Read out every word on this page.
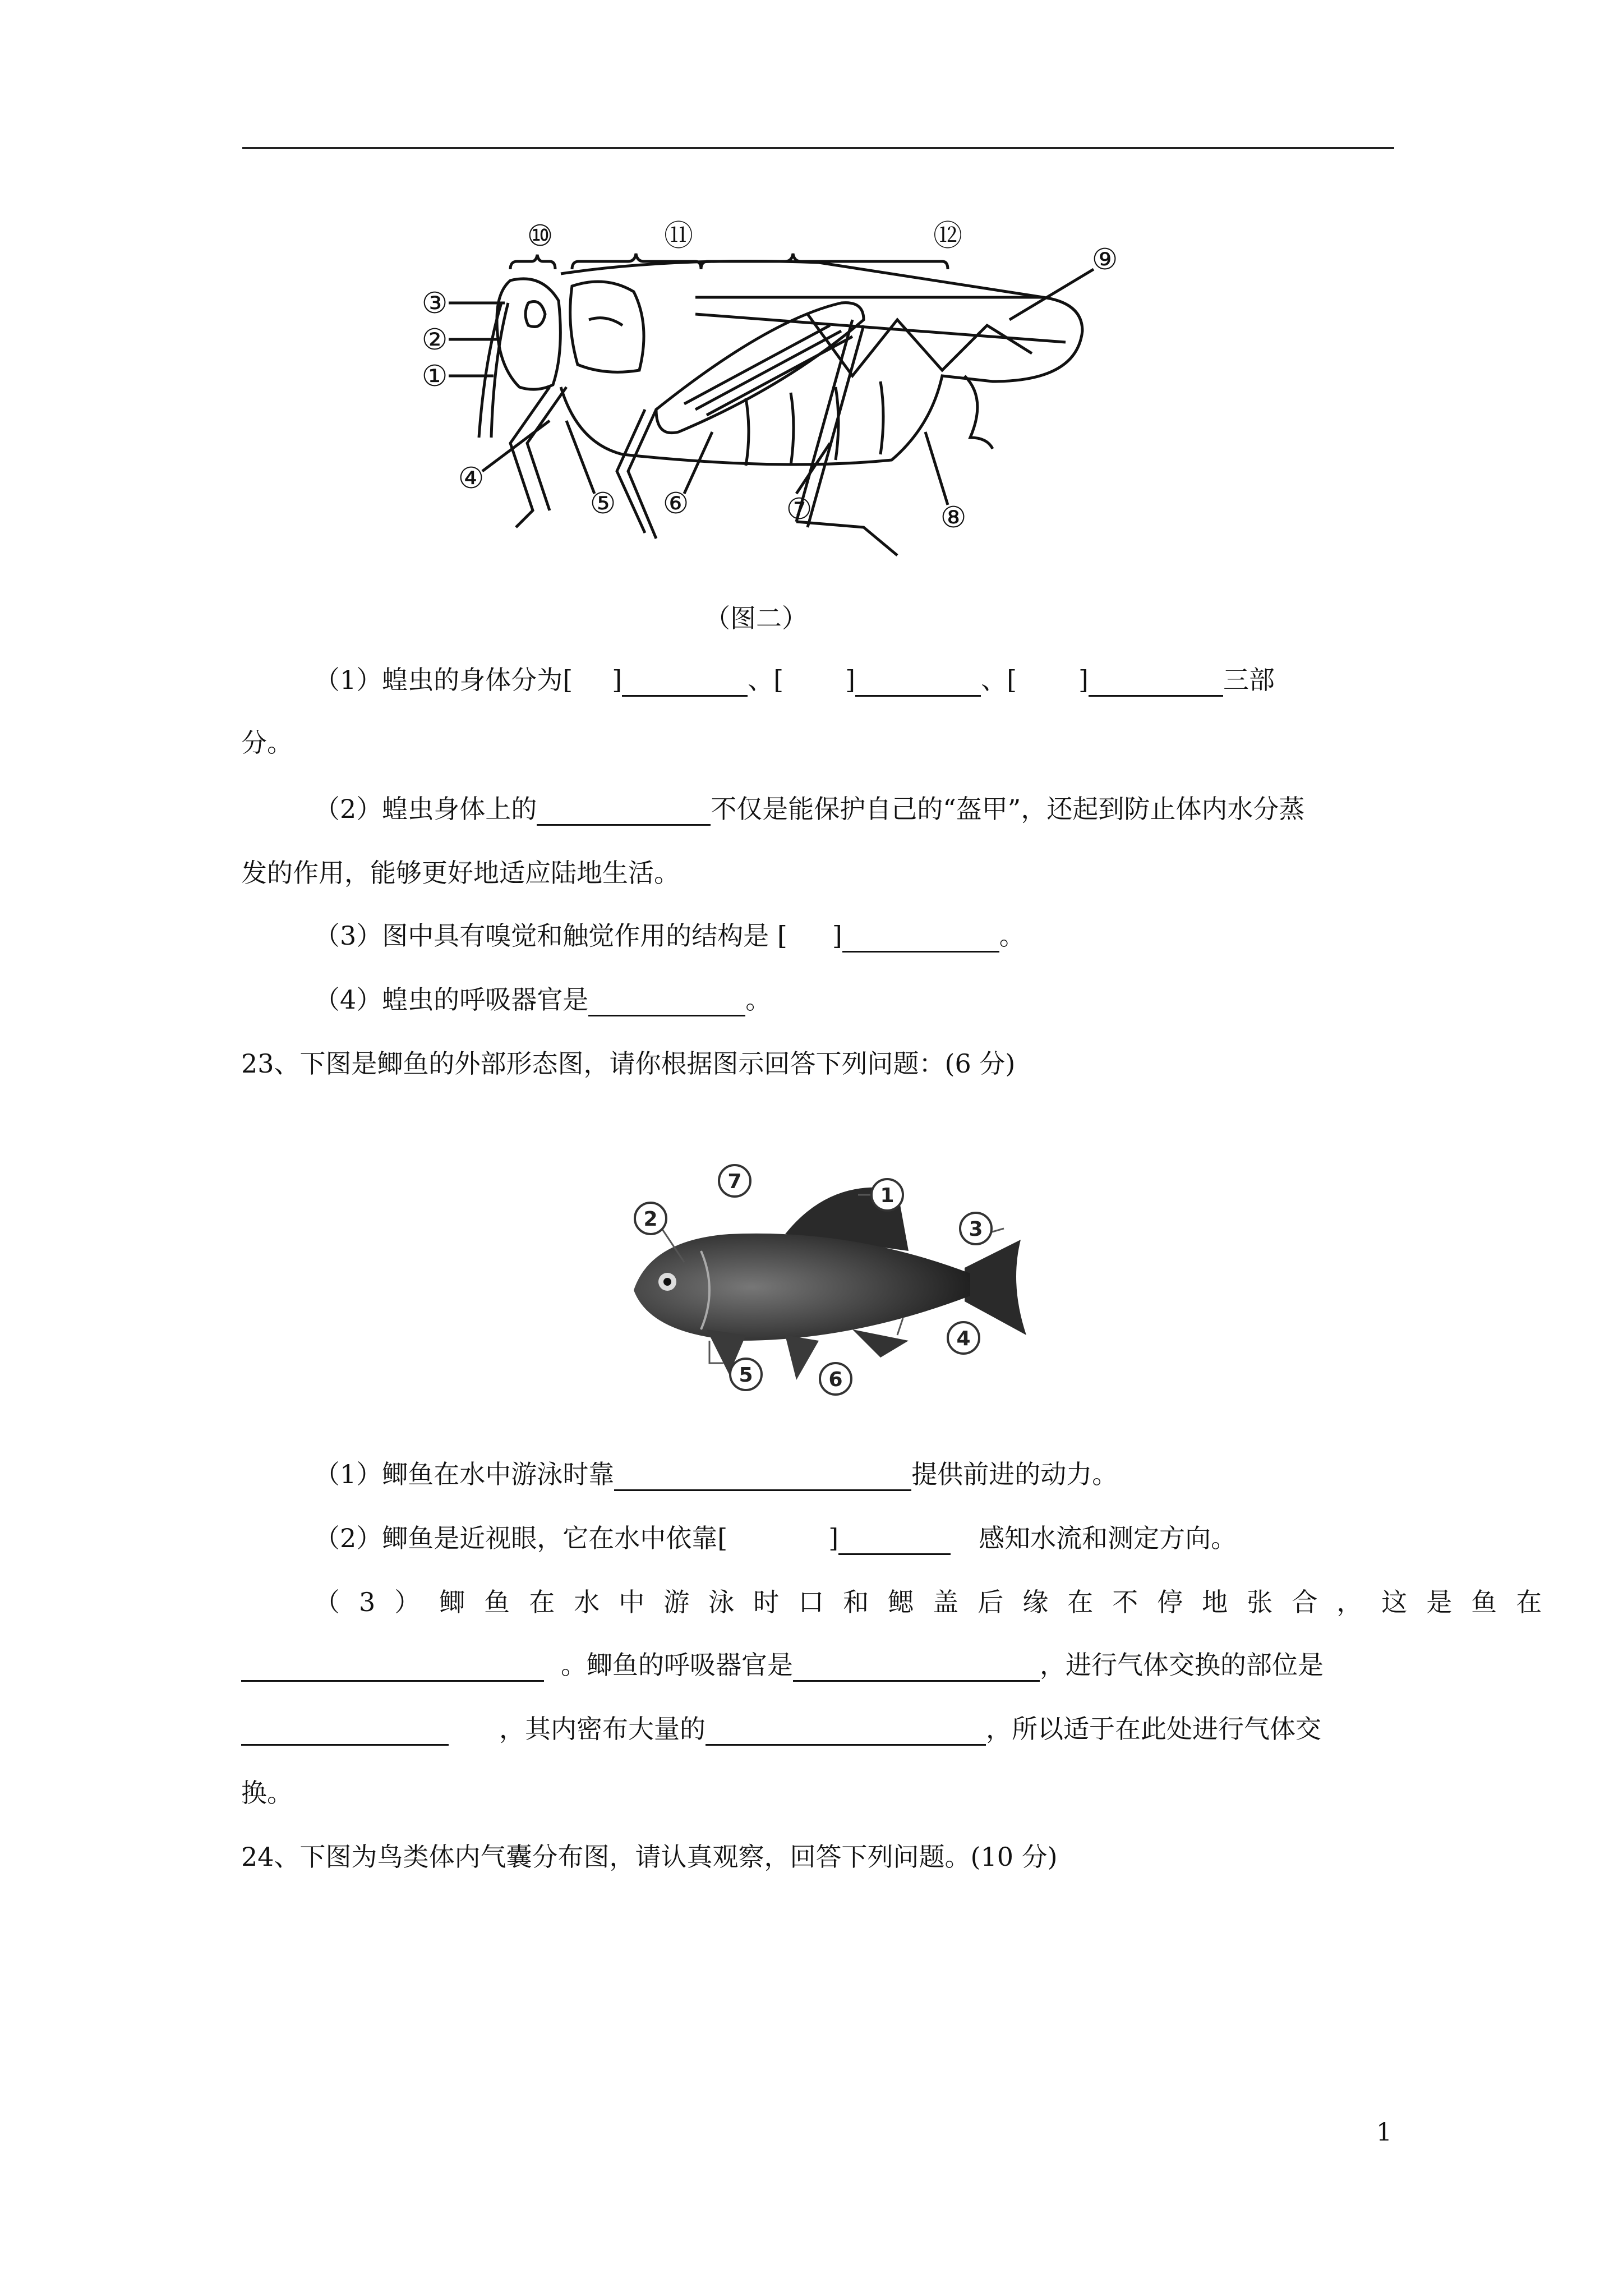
③
②
①
④
⑤ ⑥	⑦	⑧
⑨
⑩	⑪	⑫
（图二）
（1）蝗虫的身体分为[ ]	、[ ]	、[ ]	三部
分。
（2）蝗虫身体上的	不仅是能保护自己的“盔甲”，还起到防止体内水分蒸
发的作用，能够更好地适应陆地生活。
（3）图中具有嗅觉和触觉作用的结构是 [ ]	。
（4）蝗虫的呼吸器官是	。
23、下图是鲫鱼的外部形态图，请你根据图示回答下列问题：(6 分)
7
2
1
3
4
5	6
（1）鲫鱼在水中游泳时靠	提供前进的动力。
（2）鲫鱼是近视眼，它在水中依靠[	]	感知水流和测定方向。
（3）鲫鱼在水中游泳时口和鳃盖后缘在不停地张合，这是鱼在
。鲫鱼的呼吸器官是	，进行气体交换的部位是
，其内密布大量的	，所以适于在此处进行气体交
换。
24、下图为鸟类体内气囊分布图，请认真观察，回答下列问题。(10 分)
1
